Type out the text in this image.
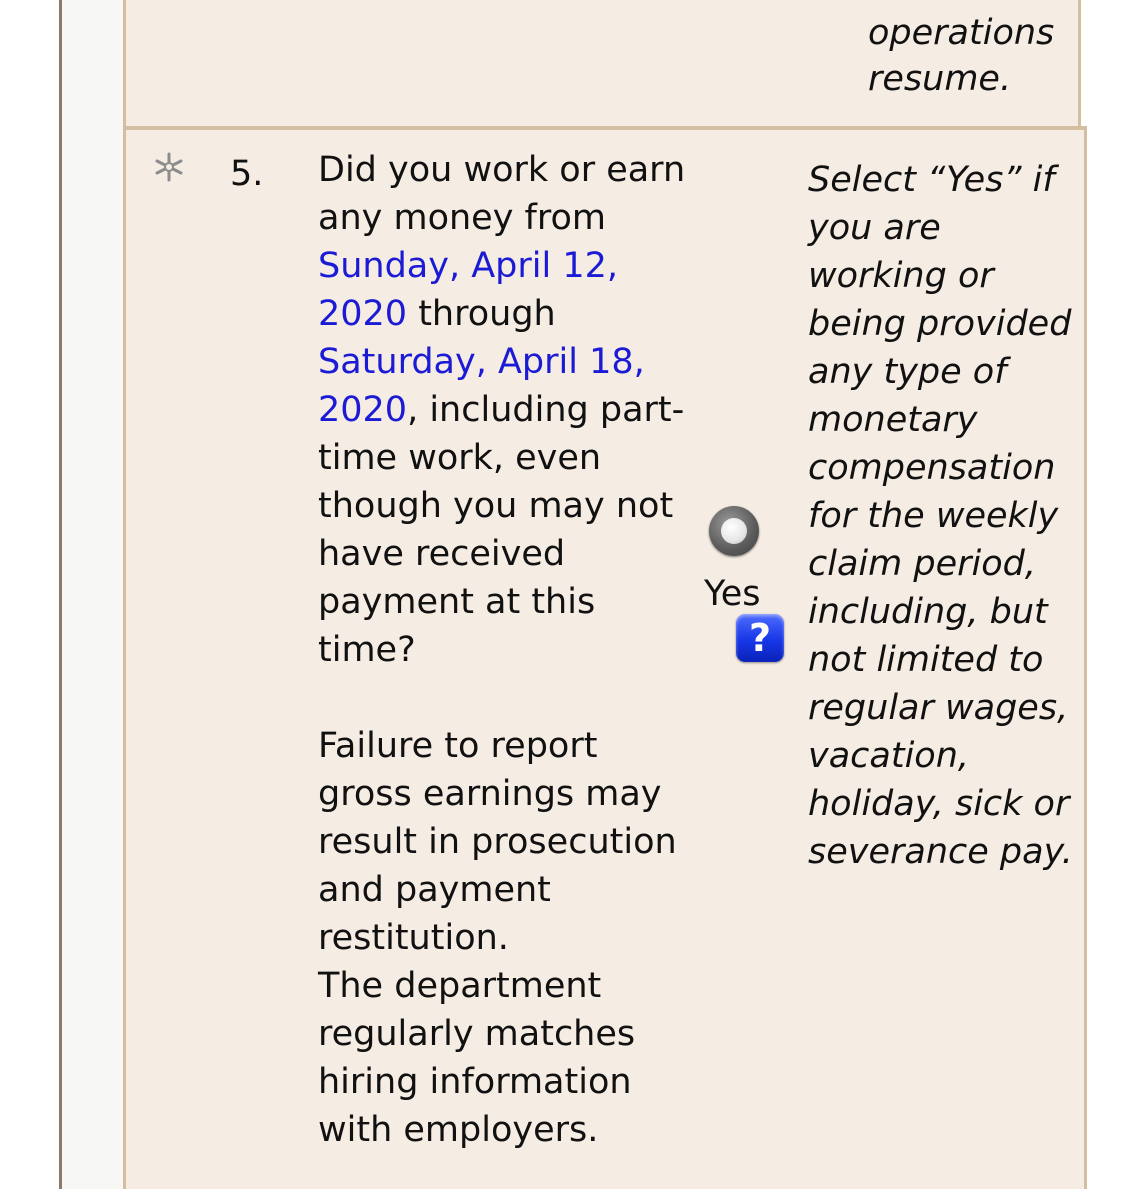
operations resume.

5. Did you work or earn any money from Sunday, April 12, 2020 through Saturday, April 18, 2020, including part-time work, even though you may not have received payment at this time?

Failure to report gross earnings may result in prosecution and payment restitution.

The department regularly matches hiring information with employers.

Yes
?

Select “Yes” if you are working or being provided any type of monetary compensation for the weekly claim period, including, but not limited to regular wages, vacation, holiday, sick or severance pay.
